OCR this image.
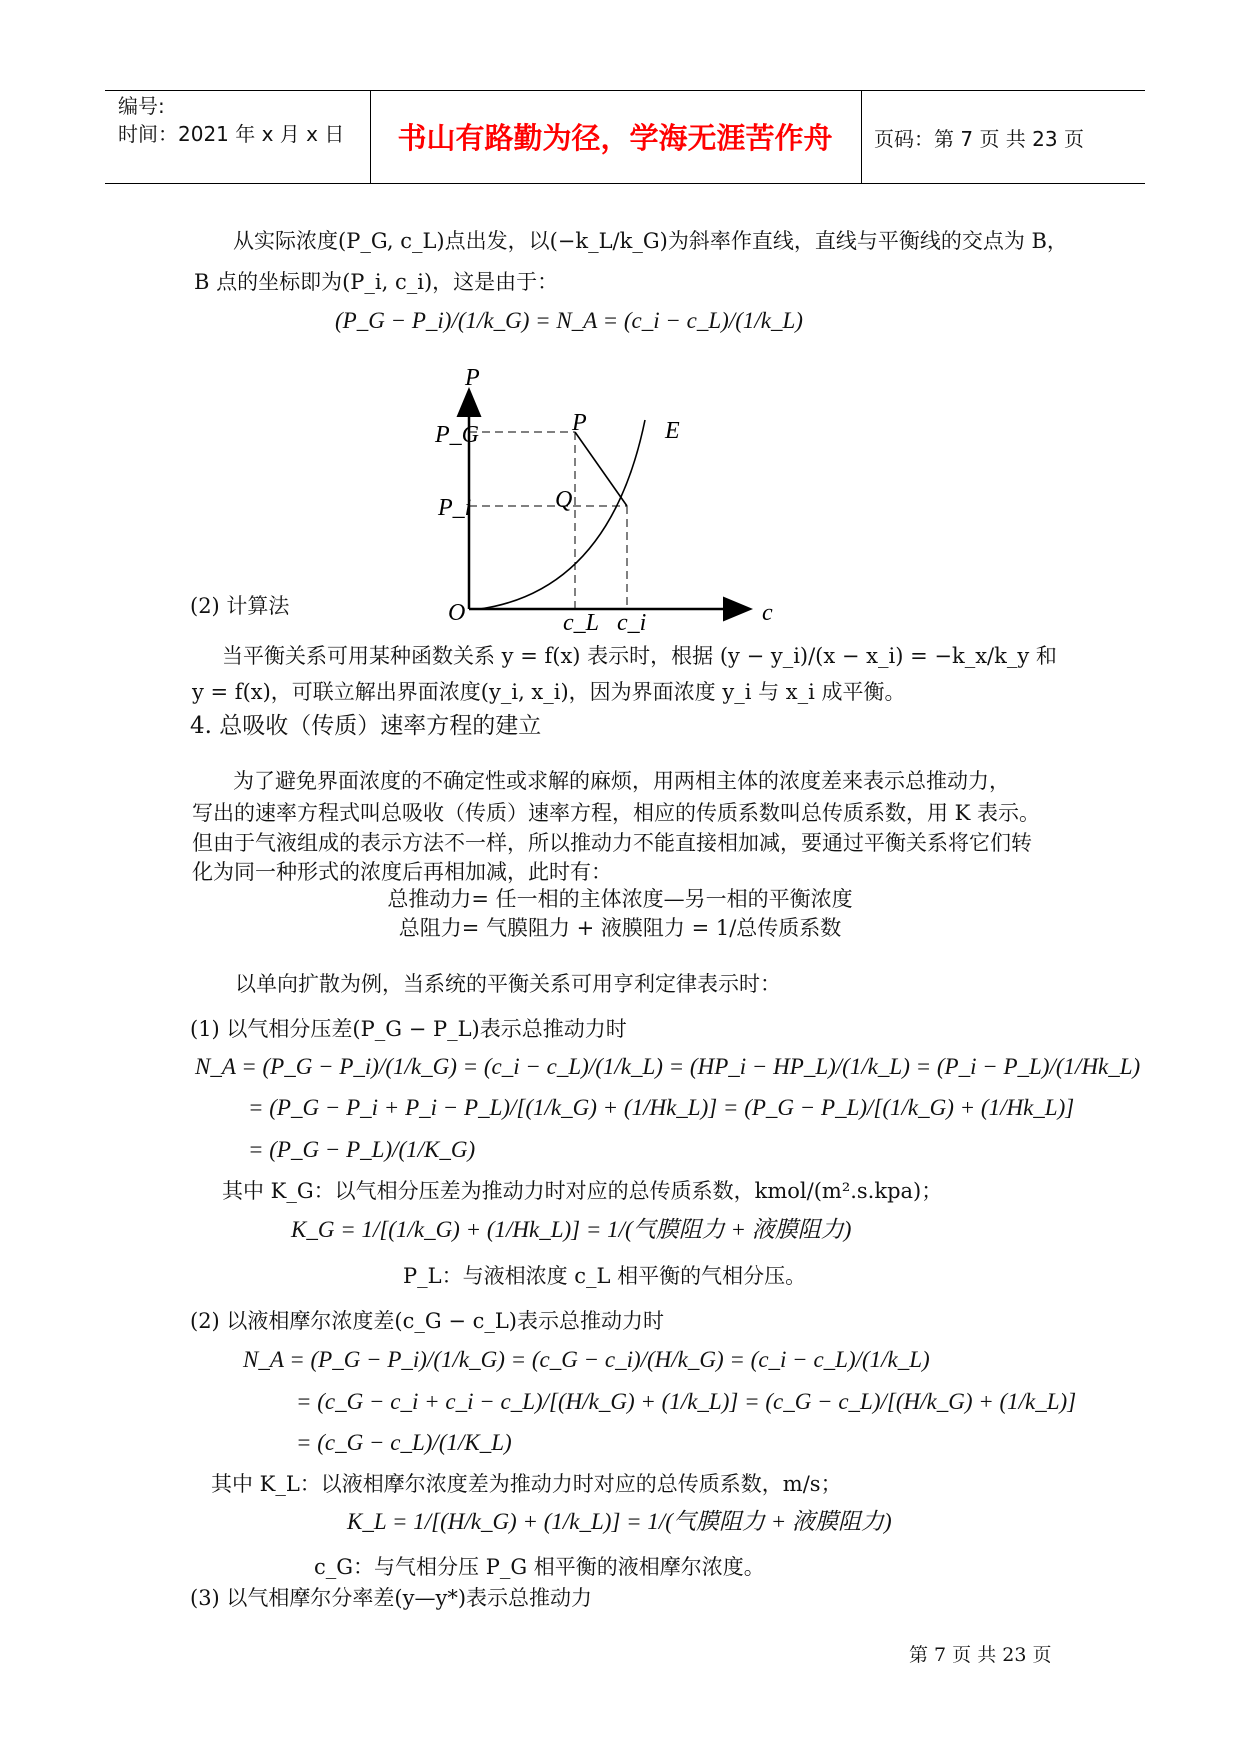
编号:
时间：2021 年 x 月 x 日 书山有路勤为径，学海无涯苦作舟 页码：第 7 页 共 23 页
从实际浓度(P_G, c_L)点出发，以(−k_L/k_G)为斜率作直线，直线与平衡线的交点为 B，
B 点的坐标即为(P_i, c_i)，这是由于：
(P_G − P_i)/(1/k_G) = N_A = (c_i − c_L)/(1/k_L)
P
c
O
P_G
P_i
P
Q
E
c_L c_i
(2) 计算法
当平衡关系可用某种函数关系 y = f(x) 表示时，根据 (y − y_i)/(x − x_i) = −k_x/k_y 和
y = f(x)，可联立解出界面浓度(y_i, x_i)，因为界面浓度 y_i 与 x_i 成平衡。
4. 总吸收（传质）速率方程的建立
为了避免界面浓度的不确定性或求解的麻烦，用两相主体的浓度差来表示总推动力，
写出的速率方程式叫总吸收（传质）速率方程，相应的传质系数叫总传质系数，用 K 表示。
但由于气液组成的表示方法不一样，所以推动力不能直接相加减，要通过平衡关系将它们转
化为同一种形式的浓度后再相加减，此时有：
总推动力= 任一相的主体浓度—另一相的平衡浓度
总阻力= 气膜阻力 + 液膜阻力 = 1/总传质系数
以单向扩散为例，当系统的平衡关系可用亨利定律表示时：
(1) 以气相分压差(P_G − P_L)表示总推动力时
N_A = (P_G − P_i)/(1/k_G) = (c_i − c_L)/(1/k_L) = (HP_i − HP_L)/(1/k_L) = (P_i − P_L)/(1/Hk_L)
= (P_G − P_i + P_i − P_L)/[(1/k_G) + (1/Hk_L)] = (P_G − P_L)/[(1/k_G) + (1/Hk_L)]
= (P_G − P_L)/(1/K_G)
其中 K_G：以气相分压差为推动力时对应的总传质系数，kmol/(m².s.kpa)；
K_G = 1/[(1/k_G) + (1/Hk_L)] = 1/(气膜阻力 + 液膜阻力)
P_L：与液相浓度 c_L 相平衡的气相分压。
(2) 以液相摩尔浓度差(c_G − c_L)表示总推动力时
N_A = (P_G − P_i)/(1/k_G) = (c_G − c_i)/(H/k_G) = (c_i − c_L)/(1/k_L)
= (c_G − c_i + c_i − c_L)/[(H/k_G) + (1/k_L)] = (c_G − c_L)/[(H/k_G) + (1/k_L)]
= (c_G − c_L)/(1/K_L)
其中 K_L：以液相摩尔浓度差为推动力时对应的总传质系数，m/s；
K_L = 1/[(H/k_G) + (1/k_L)] = 1/(气膜阻力 + 液膜阻力)
c_G：与气相分压 P_G 相平衡的液相摩尔浓度。
(3) 以气相摩尔分率差(y—y*)表示总推动力
第 7 页 共 23 页
